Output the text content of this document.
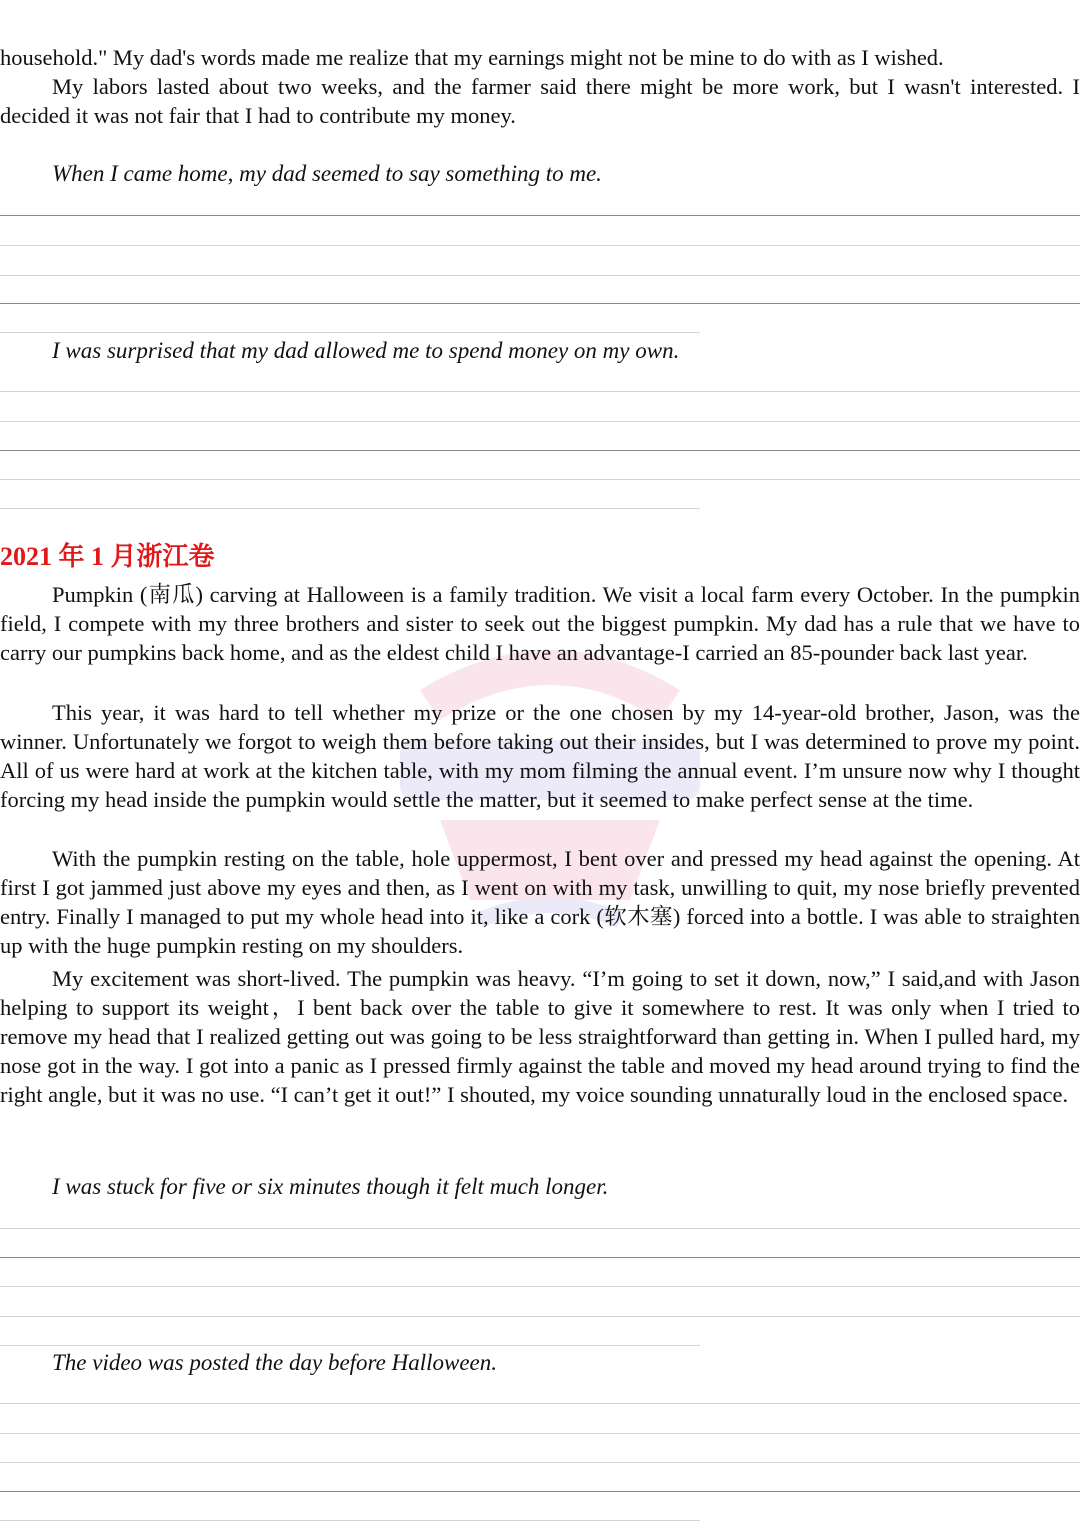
household." My dad's words made me realize that my earnings might not be mine to do with as I wished.

My labors lasted about two weeks, and the farmer said there might be more work, but I wasn't interested. I decided it was not fair that I had to contribute my money.

When I came home, my dad seemed to say something to me.

I was surprised that my dad allowed me to spend money on my own.

2021 年 1 月浙江卷

Pumpkin (南瓜) carving at Halloween is a family tradition. We visit a local farm every October. In the pumpkin field, I compete with my three brothers and sister to seek out the biggest pumpkin. My dad has a rule that we have to carry our pumpkins back home, and as the eldest child I have an advantage-I carried an 85-pounder back last year.

This year, it was hard to tell whether my prize or the one chosen by my 14-year-old brother, Jason, was the winner. Unfortunately we forgot to weigh them before taking out their insides, but I was determined to prove my point. All of us were hard at work at the kitchen table, with my mom filming the annual event. I’m unsure now why I thought forcing my head inside the pumpkin would settle the matter, but it seemed to make perfect sense at the time.

With the pumpkin resting on the table, hole uppermost, I bent over and pressed my head against the opening. At first I got jammed just above my eyes and then, as I went on with my task, unwilling to quit, my nose briefly prevented entry. Finally I managed to put my whole head into it, like a cork (软木塞) forced into a bottle. I was able to straighten up with the huge pumpkin resting on my shoulders.

My excitement was short-lived. The pumpkin was heavy. “I’m going to set it down, now,” I said,and with Jason helping to support its weight，I bent back over the table to give it somewhere to rest. It was only when I tried to remove my head that I realized getting out was going to be less straightforward than getting in. When I pulled hard, my nose got in the way. I got into a panic as I pressed firmly against the table and moved my head around trying to find the right angle, but it was no use. “I can’t get it out!” I shouted, my voice sounding unnaturally loud in the enclosed space.

I was stuck for five or six minutes though it felt much longer.

The video was posted the day before Halloween.
